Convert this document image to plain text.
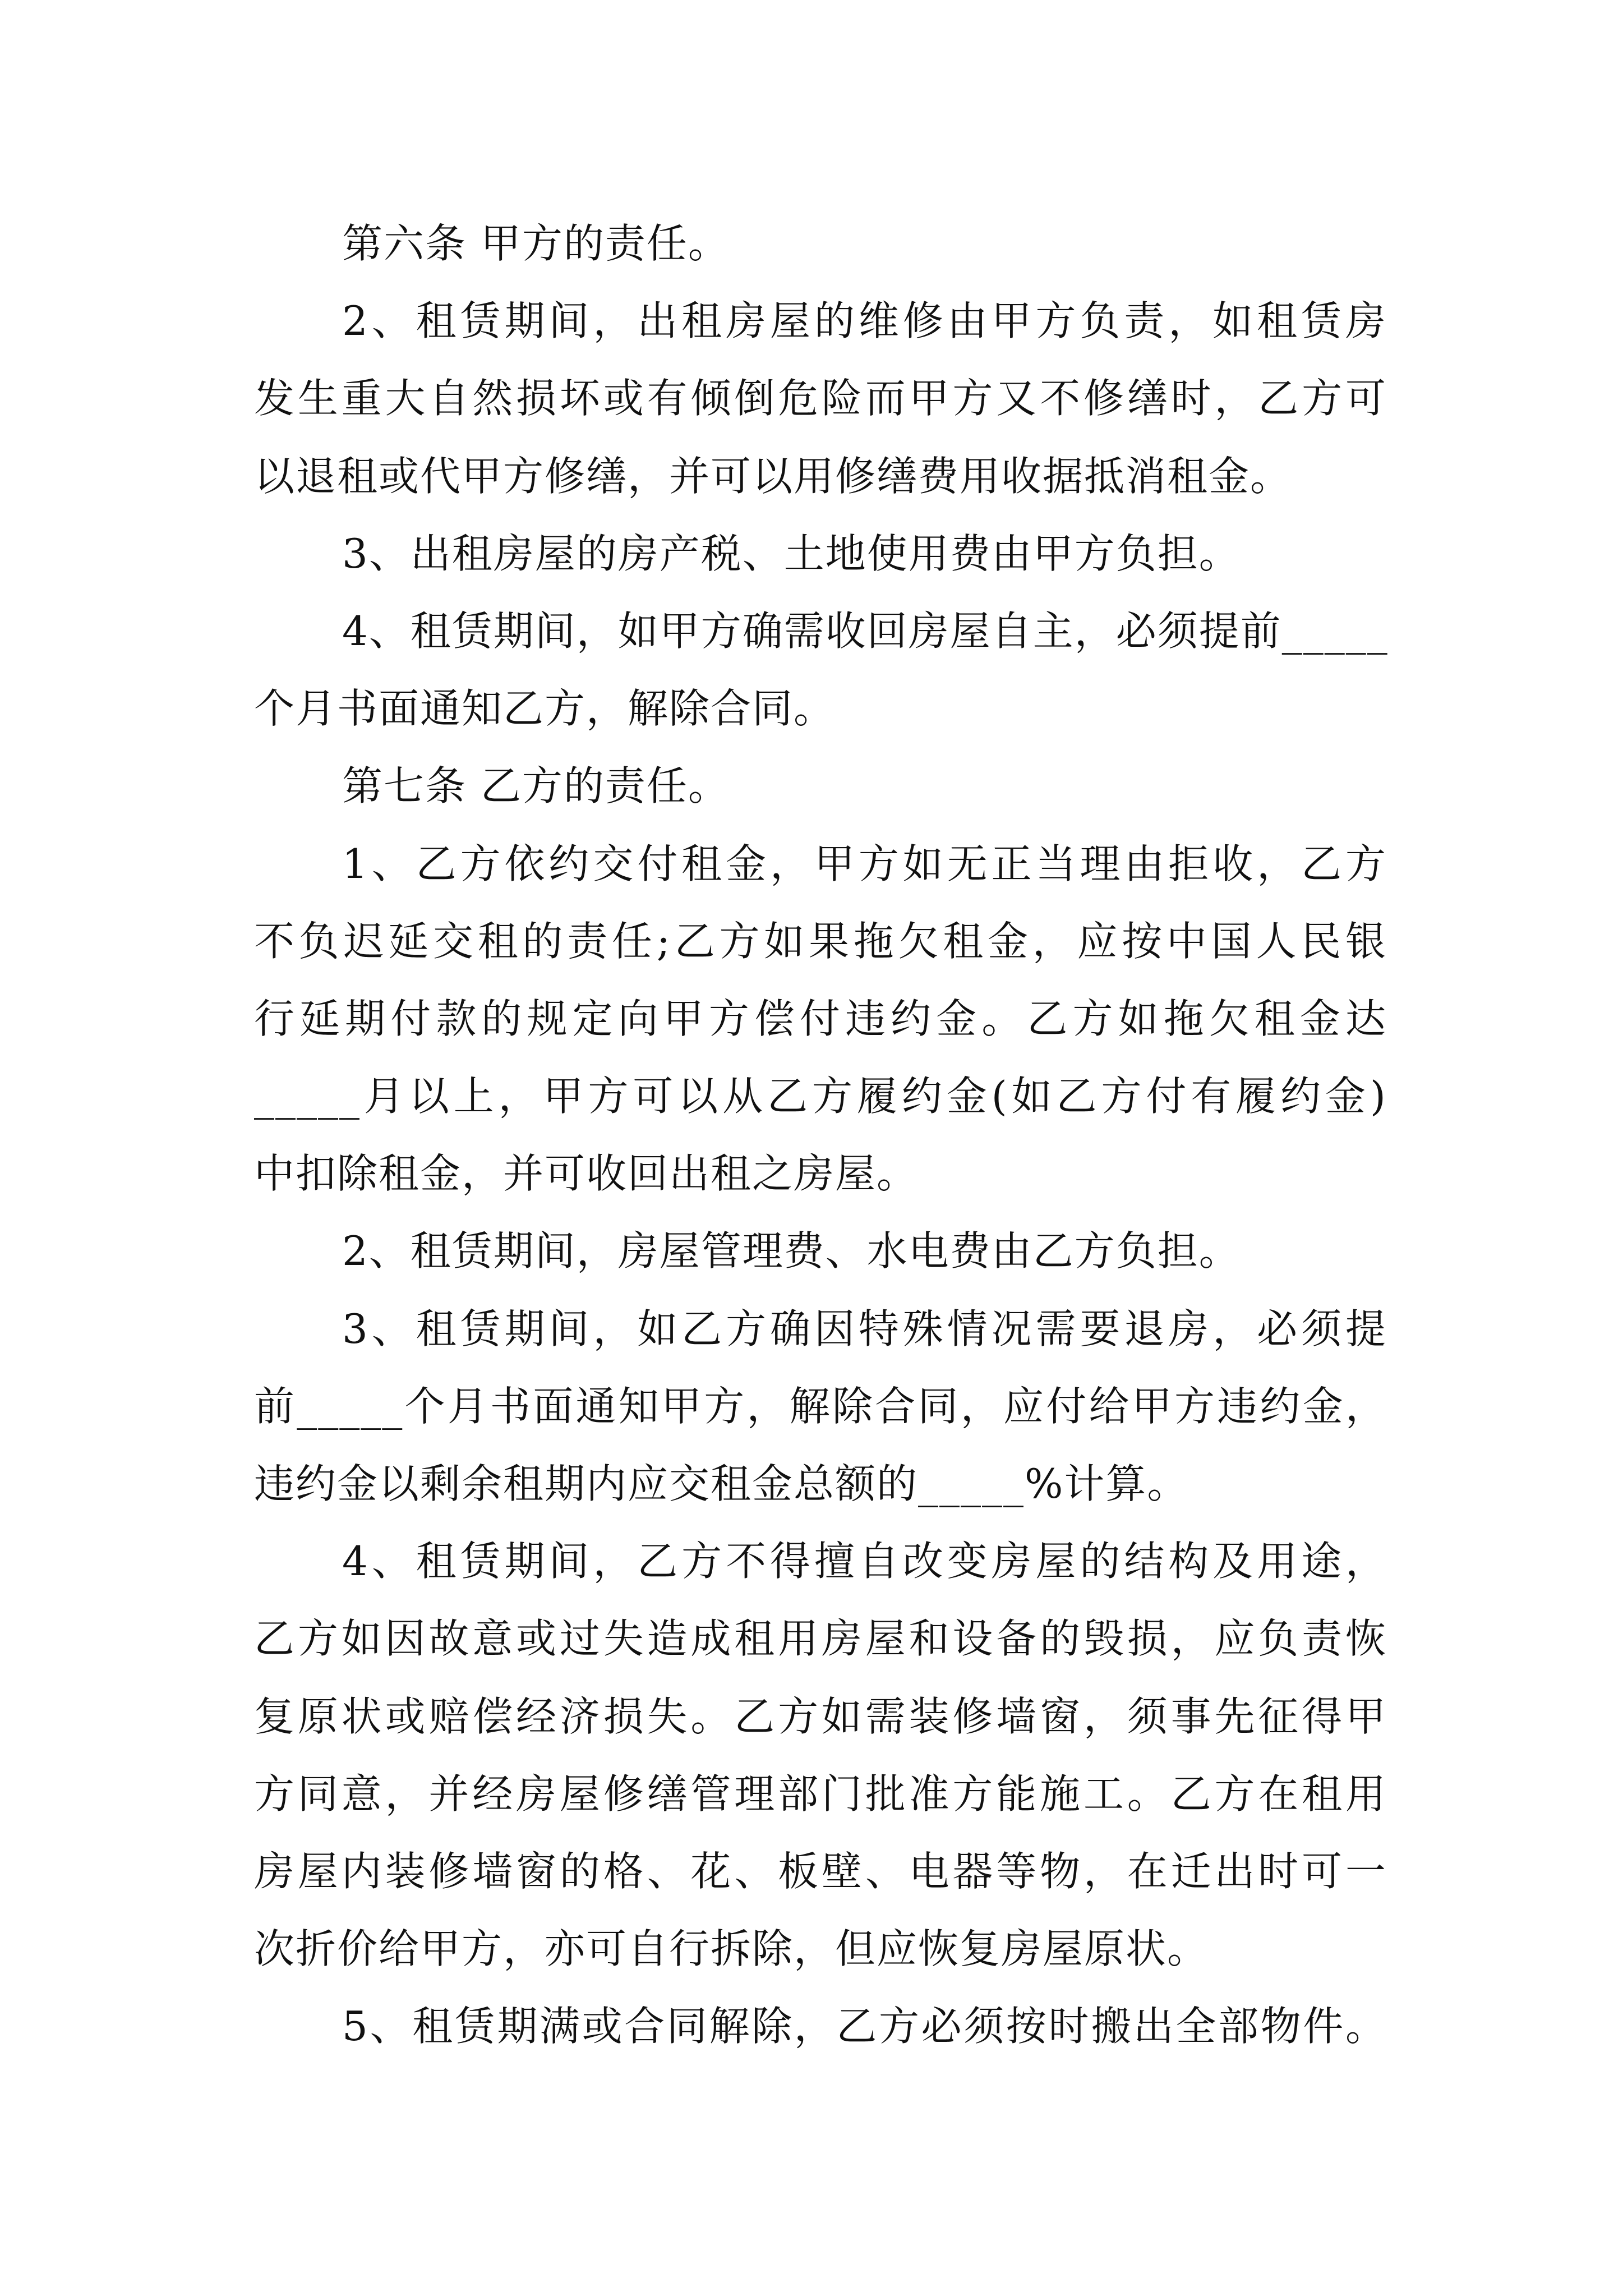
第六条 甲方的责任。

2、租赁期间，出租房屋的维修由甲方负责，如租赁房
发生重大自然损坏或有倾倒危险而甲方又不修缮时，乙方可
以退租或代甲方修缮，并可以用修缮费用收据抵消租金。

3、出租房屋的房产税、土地使用费由甲方负担。

4、租赁期间，如甲方确需收回房屋自主，必须提前_____
个月书面通知乙方，解除合同。

第七条 乙方的责任。

1、乙方依约交付租金，甲方如无正当理由拒收，乙方
不负迟延交租的责任;乙方如果拖欠租金，应按中国人民银
行延期付款的规定向甲方偿付违约金。乙方如拖欠租金达
_____月以上，甲方可以从乙方履约金(如乙方付有履约金)
中扣除租金，并可收回出租之房屋。

2、租赁期间，房屋管理费、水电费由乙方负担。

3、租赁期间，如乙方确因特殊情况需要退房，必须提
前_____个月书面通知甲方，解除合同，应付给甲方违约金，
违约金以剩余租期内应交租金总额的_____%计算。

4、租赁期间，乙方不得擅自改变房屋的结构及用途，
乙方如因故意或过失造成租用房屋和设备的毁损，应负责恢
复原状或赔偿经济损失。乙方如需装修墙窗，须事先征得甲
方同意，并经房屋修缮管理部门批准方能施工。乙方在租用
房屋内装修墙窗的格、花、板壁、电器等物，在迁出时可一
次折价给甲方，亦可自行拆除，但应恢复房屋原状。

5、租赁期满或合同解除，乙方必须按时搬出全部物件。
